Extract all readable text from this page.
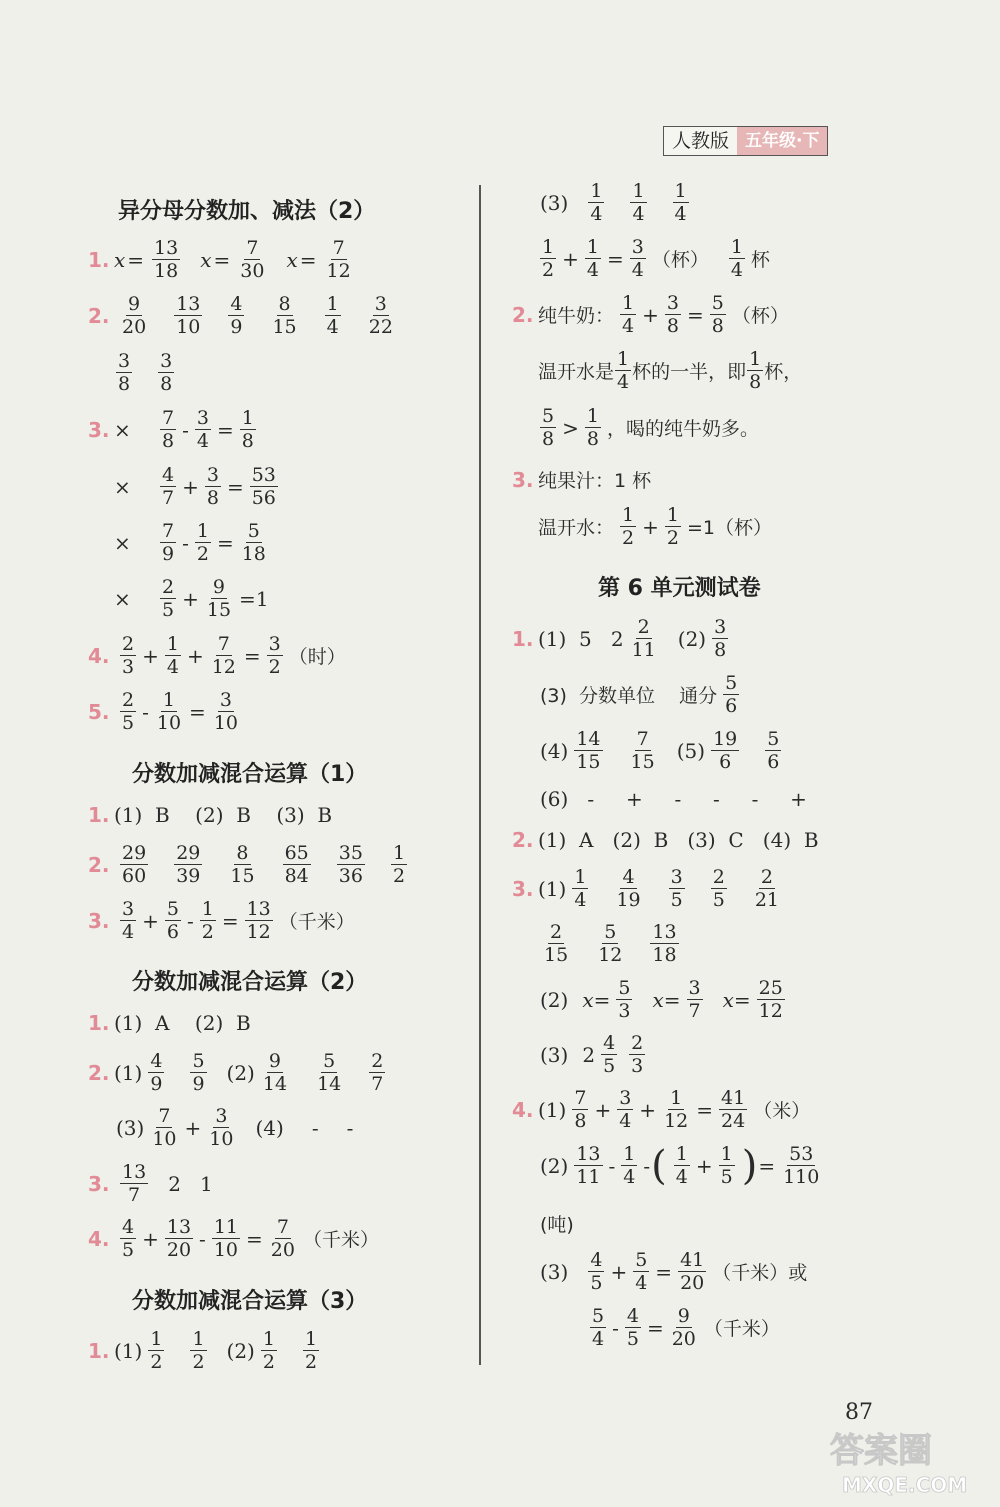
人教版 五年级·下
异分母分数加、减法（2）
1. $x = \frac{13}{18}$ $x = \frac{7}{30}$ $x = \frac{7}{12}$
2. $\frac{9}{20} \frac{13}{10} \frac{4}{9} \frac{8}{15} \frac{1}{4} \frac{3}{22}$
$\frac{3}{8} \frac{3}{8}$
3. ×	$\frac{7}{8} - \frac{3}{4} = \frac{1}{8}$
×	$\frac{4}{7} + \frac{3}{8} = \frac{53}{56}$
×	$\frac{7}{9} - \frac{1}{2} = \frac{5}{18}$
×	$\frac{2}{5} + \frac{9}{15} = 1$
4. $\frac{2}{3} + \frac{1}{4} + \frac{7}{12} = \frac{3}{2}$ （时）
5. $\frac{2}{5} - \frac{1}{10} = \frac{3}{10}$
分数加减混合运算（1）
1. (1)  B    (2)  B    (3)  B
2. $\frac{29}{60} \frac{29}{39} \frac{8}{15} \frac{65}{84} \frac{35}{36} \frac{1}{2}$
3. $\frac{3}{4} + \frac{5}{6} - \frac{1}{2} = \frac{13}{12}$ （千米）
分数加减混合运算（2）
1. (1)  A    (2)  B
2. $(1) \frac{4}{9} \frac{5}{9} (2) \frac{9}{14} \frac{5}{14} \frac{2}{7}$
$(3) \frac{7}{10} + \frac{3}{10} (4)$ - -
3. $\frac{13}{7} 2$   1
4. $\frac{4}{5} + \frac{13}{20} - \frac{11}{10} = \frac{7}{20}$ （千米）
分数加减混合运算（3）
1. $(1) \frac{1}{2} \frac{1}{2} (2) \frac{1}{2} \frac{1}{2}$
$(3) \frac{1}{4} \frac{1}{4} \frac{1}{4}$
$\frac{1}{2} + \frac{1}{4} = \frac{3}{4}$ （杯） $\frac{1}{4}$ 杯
2. 纯牛奶： $\frac{1}{4} + \frac{3}{8} = \frac{5}{8}$ （杯）
温开水是 $\frac{1}{4}$ 杯的一半，即 $\frac{1}{8}$ 杯，
$\frac{5}{8} > \frac{1}{8}$ ，喝的纯牛奶多。
3. 纯果汁：1 杯
温开水： $\frac{1}{2} + \frac{1}{2} =1$（杯）
第 6 单元测试卷
1. (1)  5   $2 \frac{2}{11} (2) \frac{3}{8}$
(3)  分数单位    通分 $\frac{5}{6}$
$(4) \frac{14}{15} \frac{7}{15} (5) \frac{19}{6} \frac{5}{6}$
(6)   -     +     -     -     -     +
2. (1)  A   (2)  B   (3)  C   (4)  B
3. $(1) \frac{1}{4} \frac{4}{19} \frac{3}{5} \frac{2}{5} \frac{2}{21}$
$\frac{2}{15} \frac{5}{12} \frac{13}{18}$
(2) $x = \frac{5}{3}$ $x = \frac{3}{7}$ $x = \frac{25}{12}$
(3) $2 \frac{4}{5} \frac{2}{3}$
4. $(1) \frac{7}{8} + \frac{3}{4} + \frac{1}{12} = \frac{41}{24}$ （米）
$(2) \frac{13}{11} - \frac{1}{4}$ - ( $\frac{1}{4} + \frac{1}{5}$ ) = $\frac{53}{110}$
(吨)
$(3) \frac{4}{5} + \frac{5}{4} = \frac{41}{20}$ （千米）或
$\frac{5}{4} - \frac{4}{5} = \frac{9}{20}$ （千米）
87
答案圈
MXQE.COM
